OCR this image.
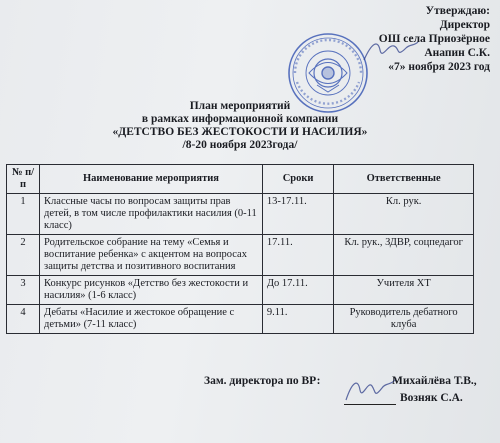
Утверждаю:
Директор
ОШ села Приозёрное
Анапин С.К.
«7» ноября 2023 год
План мероприятий
в рамках информационной компании
«ДЕТСТВО БЕЗ ЖЕСТОКОСТИ И НАСИЛИЯ»
/8-20 ноября 2023года/
№ п/п	Наименование мероприятия	Сроки	Ответственные
1	Классные часы по вопросам защиты прав детей, в том числе профилактики насилия (0-11 класс)	13-17.11.	Кл. рук.
2	Родительское собрание на тему «Семья и воспитание ребенка» с акцентом на вопросах защиты детства и позитивного воспитания	17.11.	Кл. рук., ЗДВР, соцпедагог
3	Конкурс рисунков «Детство без жестокости и насилия» (1-6 класс)	До 17.11.	Учителя ХТ
4	Дебаты «Насилие и жестокое обращение с детьми» (7-11 класс)	9.11.	Руководитель дебатного клуба
Зам. директора по ВР:	Михайлёва Т.В.,
Возняк С.А.
